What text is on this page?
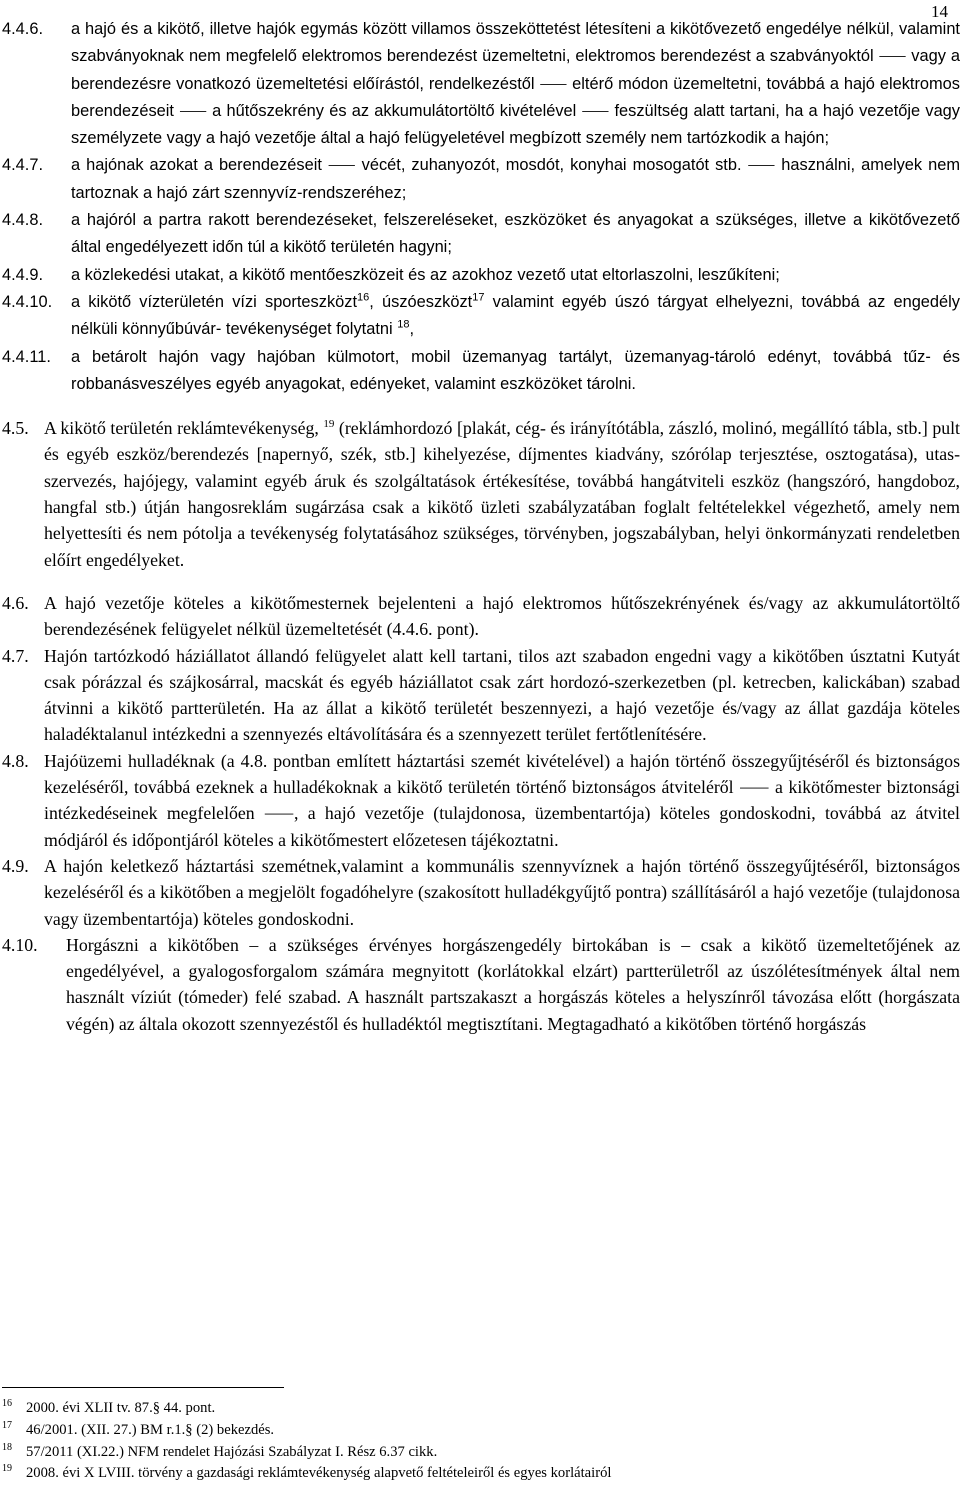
14
4.4.6.	a hajó és a kikötő, illetve hajók egymás között villamos összeköttetést létesíteni a kikötővezető engedélye nélkül, valamint szabványoknak nem megfelelő elektromos berendezést üzemeltetni, elektromos berendezést a szabványoktól ⸺ vagy a berendezésre vonatkozó üzemeltetési előírástól, rendelkezéstől ⸺ eltérő módon üzemeltetni, továbbá a hajó elektromos berendezéseit ⸺ a hűtőszekrény és az akkumulátortöltő kivételével ⸺ feszültség alatt tartani, ha a hajó vezetője vagy személyzete vagy a hajó vezetője által a hajó felügyeletével megbízott személy nem tartózkodik a hajón;
4.4.7.	a hajónak azokat a berendezéseit ⸺ vécét, zuhanyozót, mosdót, konyhai mosogatót stb. ⸺ használni, amelyek nem tartoznak a hajó zárt szennyvíz-rendszeréhez;
4.4.8.	a hajóról a partra rakott berendezéseket, felszereléseket, eszközöket és anyagokat a szükséges, illetve a kikötővezető által engedélyezett időn túl a kikötő területén hagyni;
4.4.9.	a közlekedési utakat, a kikötő mentőeszközeit és az azokhoz vezető utat eltorlaszolni, leszűkíteni;
4.4.10.	a kikötő vízterületén vízi sporteszközt$^{16}$, úszóeszközt$^{17}$ valamint egyéb úszó tárgyat elhelyezni, továbbá az engedély nélküli könnyűbúvár- tevékenységet folytatni $^{18}$,
4.4.11.	a betárolt hajón vagy hajóban külmotort, mobil üzemanyag tartályt, üzemanyag-tároló edényt, továbbá tűz- és robbanásveszélyes egyéb anyagokat, edényeket, valamint eszközöket tárolni.
4.5. A kikötő területén reklámtevékenység, $^{19}$ (reklámhordozó [plakát, cég- és irányítótábla, zászló, molinó, megállító tábla, stb.] pult és egyéb eszköz/berendezés [napernyő, szék, stb.] kihelyezése, díjmentes kiadvány, szórólap terjesztése, osztogatása), utas-szervezés, hajójegy, valamint egyéb áruk és szolgáltatások értékesítése, továbbá hangátviteli eszköz (hangszóró, hangdoboz, hangfal stb.) útján hangosreklám sugárzása csak a kikötő üzleti szabályzatában foglalt feltételekkel végezhető, amely nem helyettesíti és nem pótolja a tevékenység folytatásához szükséges, törvényben, jogszabályban, helyi önkormányzati rendeletben előírt engedélyeket.
4.6. A hajó vezetője köteles a kikötőmesternek bejelenteni a hajó elektromos hűtőszekrényének és/vagy az akkumulátortöltő berendezésének felügyelet nélkül üzemeltetését (4.4.6. pont).
4.7. Hajón tartózkodó háziállatot állandó felügyelet alatt kell tartani, tilos azt szabadon engedni vagy a kikötőben úsztatni Kutyát csak pórázzal és szájkosárral, macskát és egyéb háziállatot csak zárt hordozó-szerkezetben (pl. ketrecben, kalickában) szabad átvinni a kikötő partterületén. Ha az állat a kikötő területét beszennyezi, a hajó vezetője és/vagy az állat gazdája köteles haladéktalanul intézkedni a szennyezés eltávolítására és a szennyezett terület fertőtlenítésére.
4.8. Hajóüzemi hulladéknak (a 4.8. pontban említett háztartási szemét kivételével) a hajón történő összegyűjtéséről és biztonságos kezeléséről, továbbá ezeknek a hulladékoknak a kikötő területén történő biztonságos átviteléről ⸺ a kikötőmester biztonsági intézkedéseinek megfelelően ⸺, a hajó vezetője (tulajdonosa, üzembentartója) köteles gondoskodni, továbbá az átvitel módjáról és időpontjáról köteles a kikötőmestert előzetesen tájékoztatni.
4.9. A hajón keletkező háztartási szemétnek,valamint a kommunális szennyvíznek a hajón történő összegyűjtéséről, biztonságos kezeléséről és a kikötőben a megjelölt fogadóhelyre (szakosított hulladékgyűjtő pontra) szállításáról a hajó vezetője (tulajdonosa vagy üzembentartója) köteles gondoskodni.
4.10.	Horgászni a kikötőben – a szükséges érvényes horgászengedély birtokában is – csak a kikötő üzemeltetőjének az engedélyével, a gyalogosforgalom számára megnyitott (korlátokkal elzárt) partterületről az úszólétesítmények által nem használt víziút (tómeder) felé szabad. A használt partszakaszt a horgászás köteles a helyszínről távozása előtt (horgászata végén) az általa okozott szennyezéstől és hulladéktól megtisztítani. Megtagadható a kikötőben történő horgászás
$^{16}$ 2000. évi XLII tv. 87.§ 44. pont.
$^{17}$ 46/2001. (XII. 27.) BM r.1.§ (2) bekezdés.
$^{18}$ 57/2011 (XI.22.) NFM rendelet Hajózási Szabályzat I. Rész 6.37 cikk.
$^{19}$ 2008. évi X LVIII. törvény a gazdasági reklámtevékenység alapvető feltételeiről és egyes korlátairól
